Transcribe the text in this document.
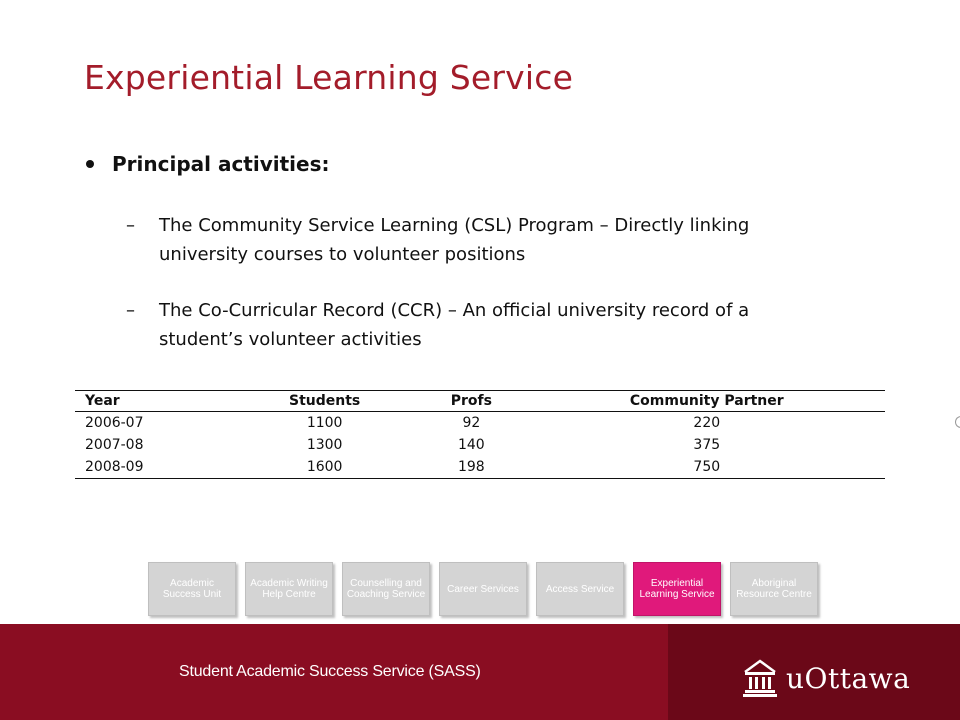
Experiential Learning Service
Principal activities:
– The Community Service Learning (CSL) Program – Directly linking university courses to volunteer positions
– The Co-Curricular Record (CCR) – An official university record of a student’s volunteer activities
Year	Students	Profs	Community Partner
2006-07	1100	92	220
2007-08	1300	140	375
2008-09	1600	198	750
Academic Success Unit
Academic Writing Help Centre
Counselling and Coaching Service	Career Services	Access Service	Experiential Learning Service
Aboriginal Resource Centre
Student Academic Success Service (SASS)	uOttawa
